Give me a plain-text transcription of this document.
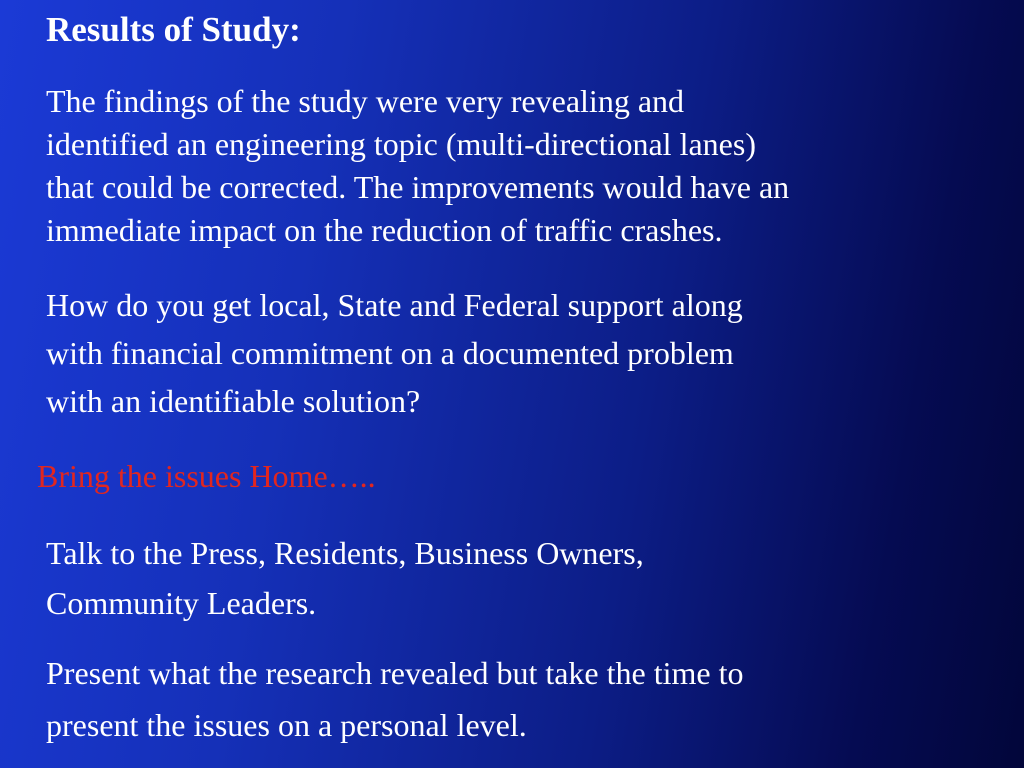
Results of Study:

The findings of the study were very revealing and
identified an engineering topic (multi-directional lanes)
that could be corrected. The improvements would have an
immediate impact on the reduction of traffic crashes.

How do you get local, State and Federal support along
with financial commitment on a documented problem
with an identifiable solution?

Bring the issues Home…..

Talk to the Press, Residents, Business Owners,
Community Leaders.

Present what the research revealed but take the time to
present the issues on a personal level.
